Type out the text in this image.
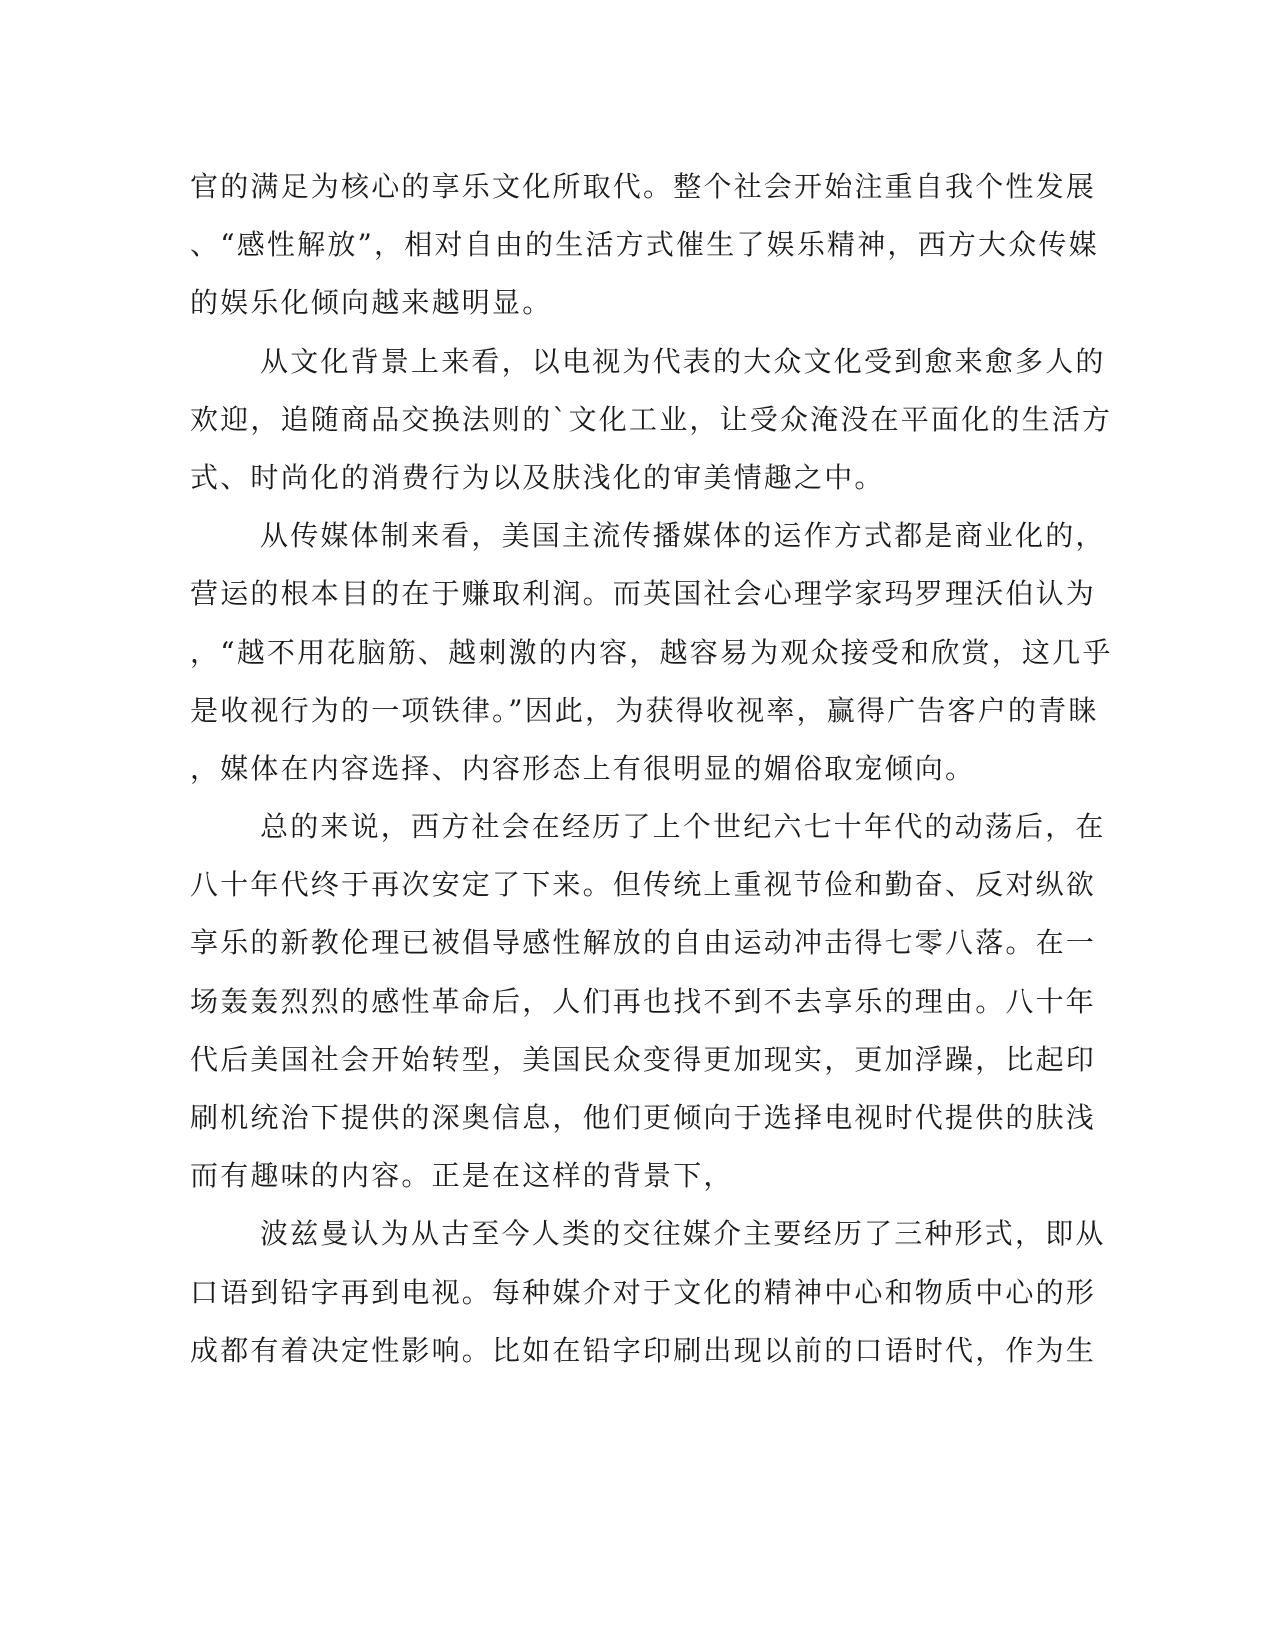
官的满足为核心的享乐文化所取代。整个社会开始注重自我个性发展
、“感性解放”，相对自由的生活方式催生了娱乐精神，西方大众传媒
的娱乐化倾向越来越明显。
从文化背景上来看，以电视为代表的大众文化受到愈来愈多人的
欢迎，追随商品交换法则的`文化工业，让受众淹没在平面化的生活方
式、时尚化的消费行为以及肤浅化的审美情趣之中。
从传媒体制来看，美国主流传播媒体的运作方式都是商业化的，
营运的根本目的在于赚取利润。而英国社会心理学家玛罗理沃伯认为
，“越不用花脑筋、越刺激的内容，越容易为观众接受和欣赏，这几乎
是收视行为的一项铁律。”因此，为获得收视率，赢得广告客户的青睐
，媒体在内容选择、内容形态上有很明显的媚俗取宠倾向。
总的来说，西方社会在经历了上个世纪六七十年代的动荡后，在
八十年代终于再次安定了下来。但传统上重视节俭和勤奋、反对纵欲
享乐的新教伦理已被倡导感性解放的自由运动冲击得七零八落。在一
场轰轰烈烈的感性革命后，人们再也找不到不去享乐的理由。八十年
代后美国社会开始转型，美国民众变得更加现实，更加浮躁，比起印
刷机统治下提供的深奥信息，他们更倾向于选择电视时代提供的肤浅
而有趣味的内容。正是在这样的背景下，
波兹曼认为从古至今人类的交往媒介主要经历了三种形式，即从
口语到铅字再到电视。每种媒介对于文化的精神中心和物质中心的形
成都有着决定性影响。比如在铅字印刷出现以前的口语时代，作为生
